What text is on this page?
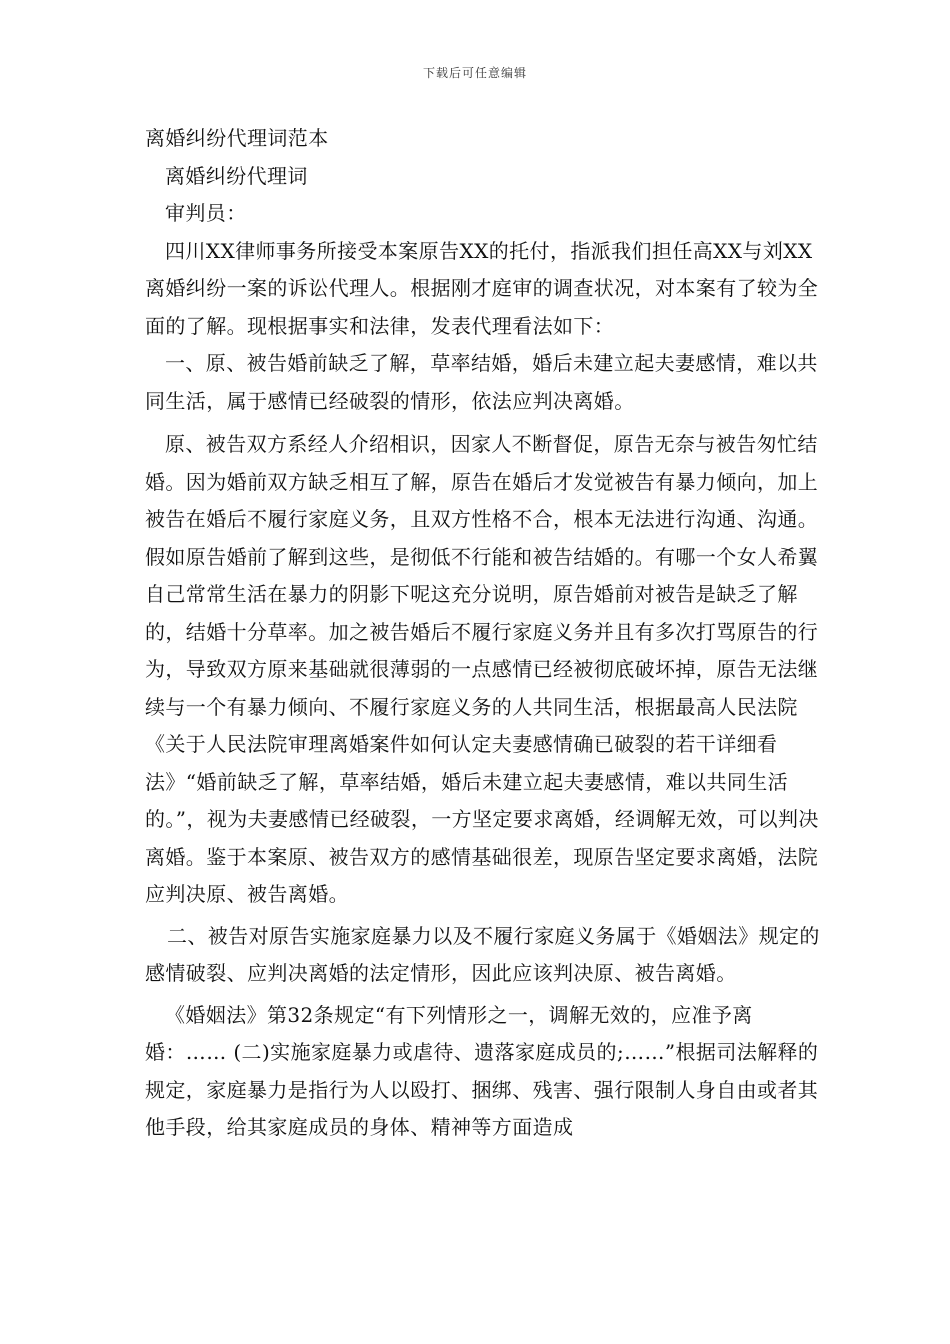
下载后可任意编辑

离婚纠纷代理词范本

离婚纠纷代理词

审判员：

四川XX律师事务所接受本案原告XX的托付，指派我们担任高XX与刘XX离婚纠纷一案的诉讼代理人。根据刚才庭审的调查状况，对本案有了较为全面的了解。现根据事实和法律，发表代理看法如下：

一、原、被告婚前缺乏了解，草率结婚，婚后未建立起夫妻感情，难以共同生活，属于感情已经破裂的情形，依法应判决离婚。

原、被告双方系经人介绍相识，因家人不断督促，原告无奈与被告匆忙结婚。因为婚前双方缺乏相互了解，原告在婚后才发觉被告有暴力倾向，加上被告在婚后不履行家庭义务，且双方性格不合，根本无法进行沟通、沟通。假如原告婚前了解到这些，是彻低不行能和被告结婚的。有哪一个女人希翼自己常常生活在暴力的阴影下呢这充分说明，原告婚前对被告是缺乏了解的，结婚十分草率。加之被告婚后不履行家庭义务并且有多次打骂原告的行为，导致双方原来基础就很薄弱的一点感情已经被彻底破坏掉，原告无法继续与一个有暴力倾向、不履行家庭义务的人共同生活，根据最高人民法院《关于人民法院审理离婚案件如何认定夫妻感情确已破裂的若干详细看法》“婚前缺乏了解，草率结婚，婚后未建立起夫妻感情，难以共同生活的。”，视为夫妻感情已经破裂，一方坚定要求离婚，经调解无效，可以判决离婚。鉴于本案原、被告双方的感情基础很差，现原告坚定要求离婚，法院应判决原、被告离婚。

二、被告对原告实施家庭暴力以及不履行家庭义务属于《婚姻法》规定的感情破裂、应判决离婚的法定情形，因此应该判决原、被告离婚。

《婚姻法》第32条规定“有下列情形之一，调解无效的，应准予离婚：…… (二)实施家庭暴力或虐待、遗落家庭成员的;……”根据司法解释的规定，家庭暴力是指行为人以殴打、捆绑、残害、强行限制人身自由或者其他手段，给其家庭成员的身体、精神等方面造成
